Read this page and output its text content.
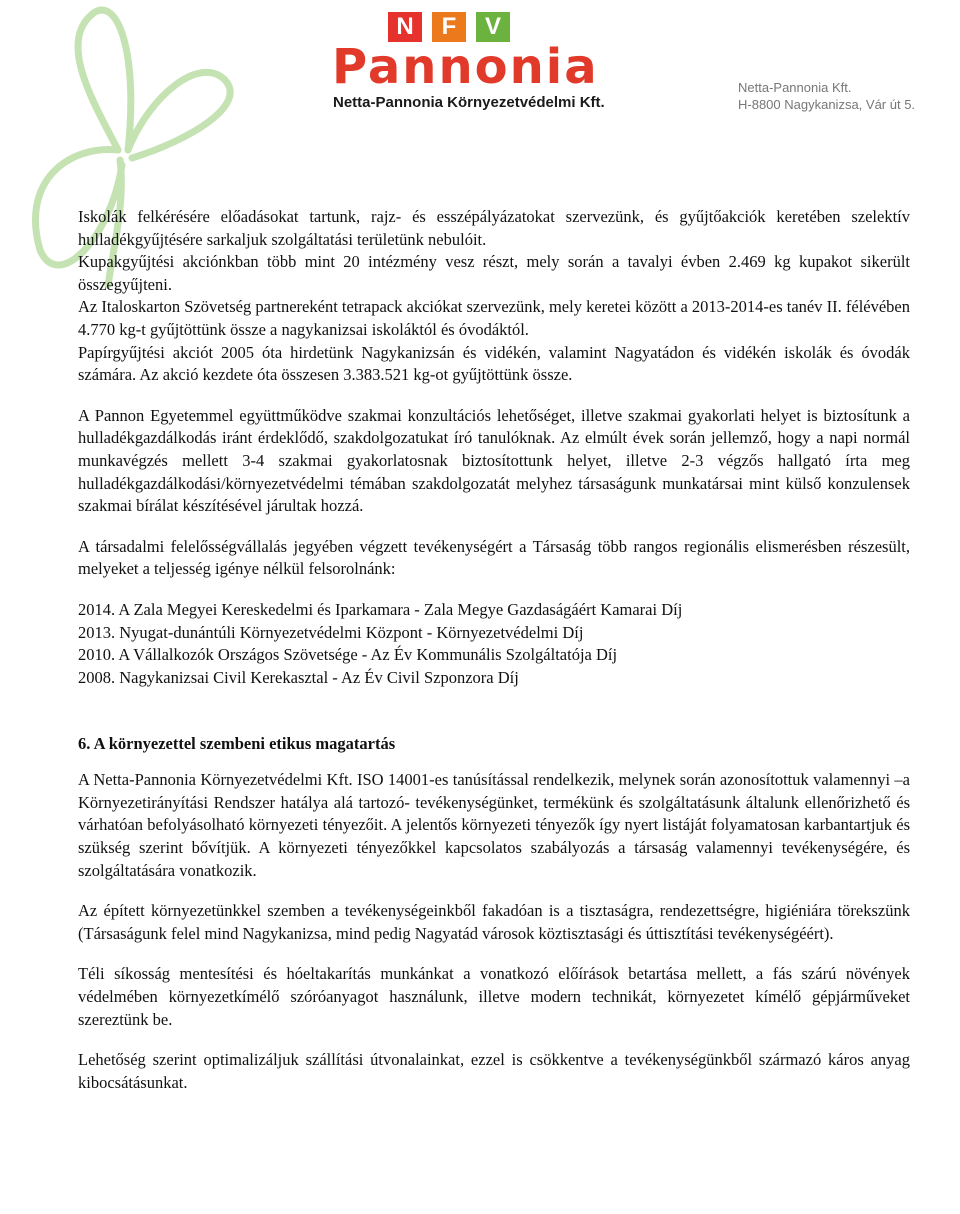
N	F	V
Pannonia
Netta-Pannonia Környezetvédelmi Kft.
Netta-Pannonia Kft.
H-8800 Nagykanizsa, Vár út 5.

Iskolák felkérésére előadásokat tartunk, rajz- és esszépályázatokat szervezünk, és gyűjtőakciók keretében szelektív hulladékgyűjtésére sarkaljuk szolgáltatási területünk nebulóit.

Kupakgyűjtési akciónkban több mint 20 intézmény vesz részt, mely során a tavalyi évben 2.469 kg kupakot sikerült összegyűjteni.

Az Italoskarton Szövetség partnereként tetrapack akciókat szervezünk, mely keretei között a 2013-2014-es tanév II. félévében 4.770 kg-t gyűjtöttünk össze a nagykanizsai iskoláktól és óvodáktól.

Papírgyűjtési akciót 2005 óta hirdetünk Nagykanizsán és vidékén, valamint Nagyatádon és vidékén iskolák és óvodák számára. Az akció kezdete óta összesen 3.383.521 kg-ot gyűjtöttünk össze.

A Pannon Egyetemmel együttműködve szakmai konzultációs lehetőséget, illetve szakmai gyakorlati helyet is biztosítunk a hulladékgazdálkodás iránt érdeklődő, szakdolgozatukat író tanulóknak. Az elmúlt évek során jellemző, hogy a napi normál munkavégzés mellett 3-4 szakmai gyakorlatosnak biztosítottunk helyet, illetve 2-3 végzős hallgató írta meg hulladékgazdálkodási/környezetvédelmi témában szakdolgozatát melyhez társaságunk munkatársai mint külső konzulensek szakmai bírálat készítésével járultak hozzá.

A társadalmi felelősségvállalás jegyében végzett tevékenységért a Társaság több rangos regionális elismerésben részesült, melyeket a teljesség igénye nélkül felsorolnánk:

2014. A Zala Megyei Kereskedelmi és Iparkamara - Zala Megye Gazdaságáért Kamarai Díj

2013. Nyugat-dunántúli Környezetvédelmi Központ - Környezetvédelmi Díj

2010. A Vállalkozók Országos Szövetsége - Az Év Kommunális Szolgáltatója Díj

2008. Nagykanizsai Civil Kerekasztal - Az Év Civil Szponzora Díj

6. A környezettel szembeni etikus magatartás

A Netta-Pannonia Környezetvédelmi Kft. ISO 14001-es tanúsítással rendelkezik, melynek során azonosítottuk valamennyi –a Környezetirányítási Rendszer hatálya alá tartozó- tevékenységünket, termékünk és szolgáltatásunk általunk ellenőrizhető és várhatóan befolyásolható környezeti tényezőit. A jelentős környezeti tényezők így nyert listáját folyamatosan karbantartjuk és szükség szerint bővítjük. A környezeti tényezőkkel kapcsolatos szabályozás a társaság valamennyi tevékenységére, és szolgáltatására vonatkozik.

Az épített környezetünkkel szemben a tevékenységeinkből fakadóan is a tisztaságra, rendezettségre, higiéniára törekszünk (Társaságunk felel mind Nagykanizsa, mind pedig Nagyatád városok köztisztasági és úttisztítási tevékenységéért).

Téli síkosság mentesítési és hóeltakarítás munkánkat a vonatkozó előírások betartása mellett, a fás szárú növények védelmében környezetkímélő szóróanyagot használunk, illetve modern technikát, környezetet kímélő gépjárműveket szereztünk be.

Lehetőség szerint optimalizáljuk szállítási útvonalainkat, ezzel is csökkentve a tevékenységünkből származó káros anyag kibocsátásunkat.
